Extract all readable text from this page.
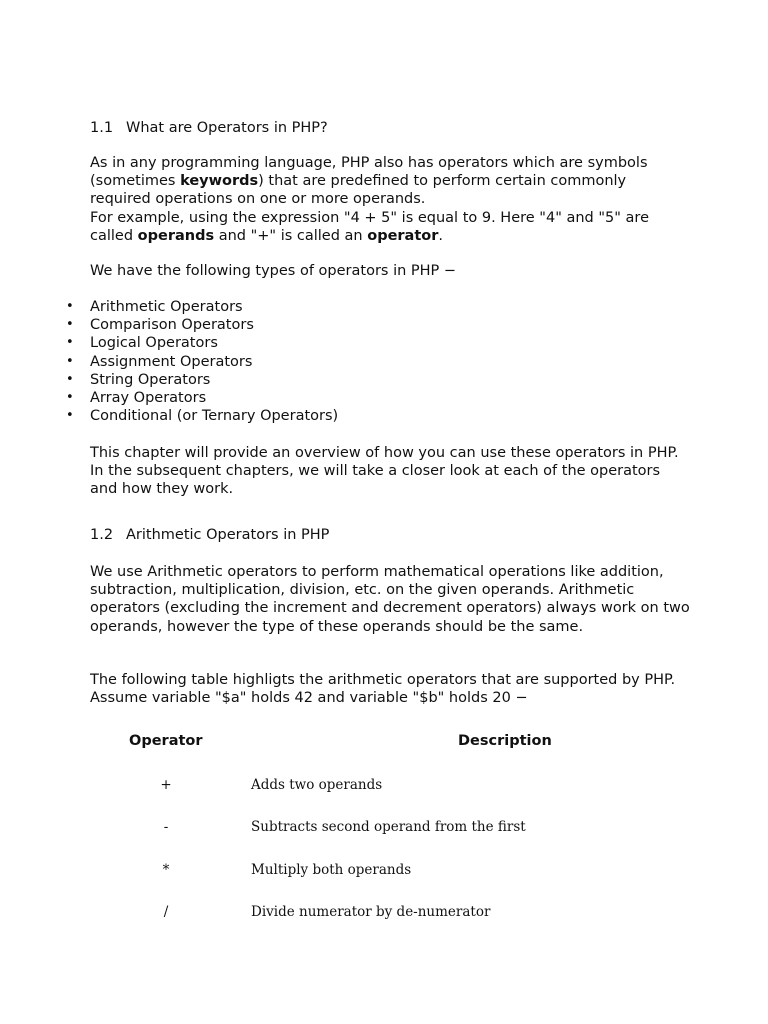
1.1 What are Operators in PHP?

As in any programming language, PHP also has operators which are symbols (sometimes keywords) that are predefined to perform certain commonly required operations on one or more operands.
For example, using the expression "4 + 5" is equal to 9. Here "4" and "5" are called operands and "+" is called an operator.

We have the following types of operators in PHP −

• Arithmetic Operators
• Comparison Operators
• Logical Operators
• Assignment Operators
• String Operators
• Array Operators
• Conditional (or Ternary Operators)

This chapter will provide an overview of how you can use these operators in PHP. In the subsequent chapters, we will take a closer look at each of the operators and how they work.

1.2 Arithmetic Operators in PHP

We use Arithmetic operators to perform mathematical operations like addition, subtraction, multiplication, division, etc. on the given operands. Arithmetic operators (excluding the increment and decrement operators) always work on two operands, however the type of these operands should be the same.

The following table highligts the arithmetic operators that are supported by PHP. Assume variable "$a" holds 42 and variable "$b" holds 20 −

Operator	Description
+	Adds two operands
-	Subtracts second operand from the first
*	Multiply both operands
/	Divide numerator by de-numerator
